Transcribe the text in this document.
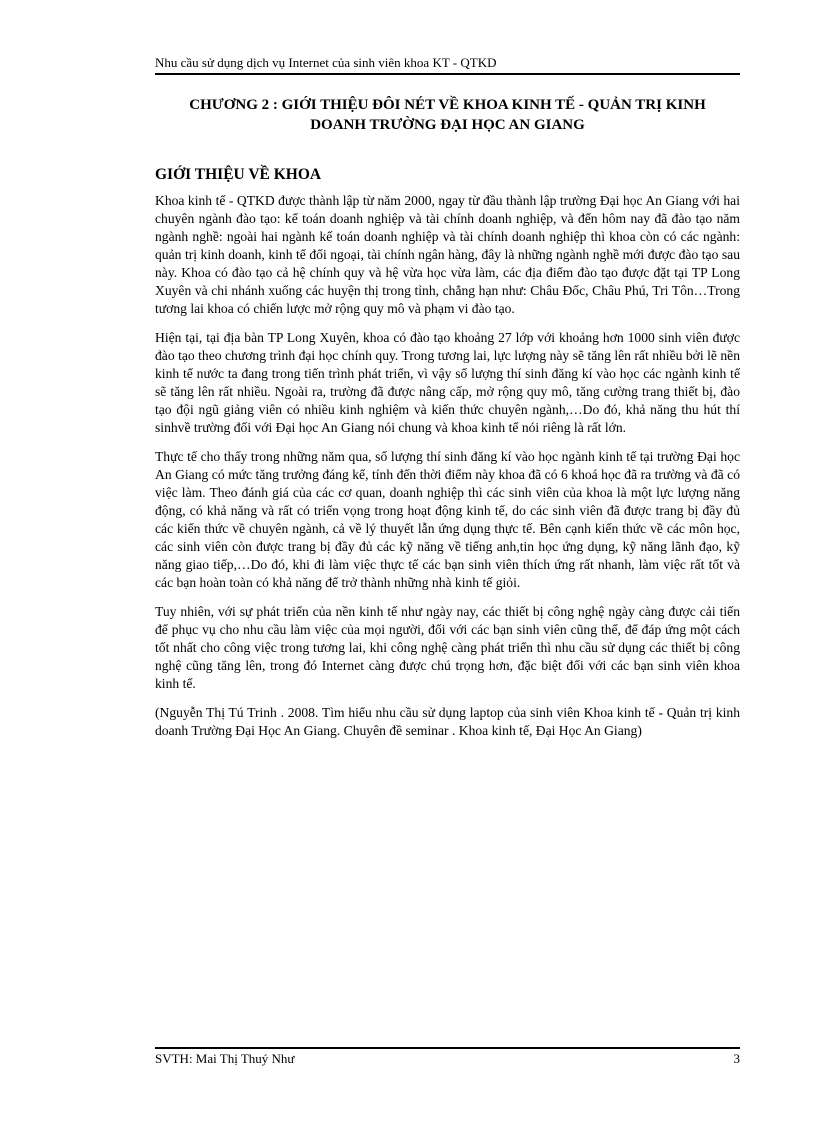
Nhu cầu sử dụng dịch vụ Internet của sinh viên khoa KT - QTKD
CHƯƠNG 2 : GIỚI THIỆU ĐÔI NÉT VỀ KHOA KINH TẾ - QUẢN TRỊ KINH
DOANH TRƯỜNG ĐẠI HỌC AN GIANG
GIỚI THIỆU VỀ KHOA

Khoa kinh tế - QTKD được thành lập từ năm 2000, ngay từ đầu thành lập trường Đại học An Giang với hai chuyên ngành đào tạo: kế toán doanh nghiệp và tài chính doanh nghiệp, và đến hôm nay đã đào tạo năm ngành nghề: ngoài hai ngành kế toán doanh nghiệp và tài chính doanh nghiệp thì khoa còn có các ngành: quản trị kinh doanh, kinh tế đối ngoại, tài chính ngân hàng, đây là những ngành nghề mới được đào tạo sau này. Khoa có đào tạo cả hệ chính quy và hệ vừa học vừa làm, các địa điểm đào tạo được đặt tại TP Long Xuyên và chi nhánh xuống các huyện thị trong tỉnh, chẳng hạn như: Châu Đốc, Châu Phú, Tri Tôn…Trong tương lai khoa có chiến lược mở rộng quy mô và phạm vi đào tạo.

Hiện tại, tại địa bàn TP Long Xuyên, khoa có đào tạo khoảng 27 lớp với khoảng hơn 1000 sinh viên được đào tạo theo chương trình đại học chính quy. Trong tương lai, lực lượng này sẽ tăng lên rất nhiều bởi lẽ nền kinh tế nước ta đang trong tiến trình phát triển, vì vậy số lượng thí sinh đăng kí vào học các ngành kinh tế sẽ tăng lên rất nhiều. Ngoài ra, trường đã được nâng cấp, mở rộng quy mô, tăng cường trang thiết bị, đào tạo đội ngũ giảng viên có nhiều kinh nghiệm và kiến thức chuyên ngành,…Do đó, khả năng thu hút thí sinhvề trường đối với Đại học An Giang nói chung và khoa kinh tế nói riêng là rất lớn.

Thực tế cho thấy trong những năm qua, số lượng thí sinh đăng kí vào học ngành kinh tế tại trường Đại học An Giang có mức tăng trưởng đáng kể, tính đến thời điểm này khoa đã có 6 khoá học đã ra trường và đã có việc làm. Theo đánh giá của các cơ quan, doanh nghiệp thì các sinh viên của khoa là một lực lượng năng động, có khả năng và rất có triển vọng trong hoạt động kinh tế, do các sinh viên đã được trang bị đầy đủ các kiến thức về chuyên ngành, cả về lý thuyết lẫn ứng dụng thực tế. Bên cạnh kiến thức về các môn học, các sinh viên còn được trang bị đầy đủ các kỹ năng về tiếng anh,tin học ứng dụng, kỹ năng lãnh đạo, kỹ năng giao tiếp,…Do đó, khi đi làm việc thực tế các bạn sinh viên thích ứng rất nhanh, làm việc rất tốt và các bạn hoàn toàn có khả năng để trở thành những nhà kinh tế giỏi.

Tuy nhiên, với sự phát triển của nền kinh tế như ngày nay, các thiết bị công nghệ ngày càng được cải tiến để phục vụ cho nhu cầu làm việc của mọi người, đối với các bạn sinh viên cũng thế, để đáp ứng một cách tốt nhất cho công việc trong tương lai, khi công nghệ càng phát triển thì nhu cầu sử dụng các thiết bị công nghệ cũng tăng lên, trong đó Internet càng được chú trọng hơn, đặc biệt đối với các bạn sinh viên khoa kinh tế.

(Nguyễn Thị Tú Trinh . 2008. Tìm hiểu nhu cầu sử dụng laptop của sinh viên Khoa kinh tế - Quản trị kinh doanh Trường Đại Học An Giang. Chuyên đề seminar . Khoa kinh tế, Đại Học An Giang)

SVTH: Mai Thị Thuý Như	3
